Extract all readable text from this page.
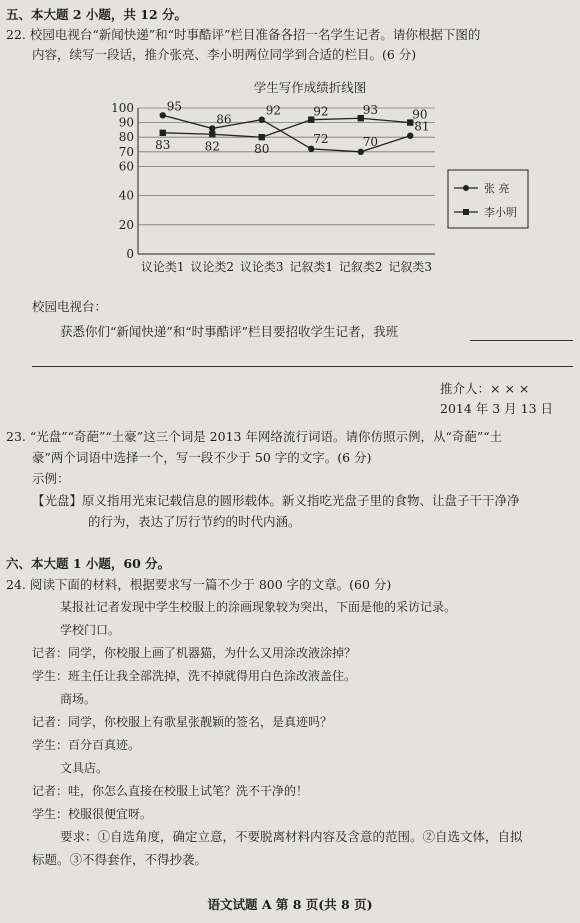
五、本大题 2 小题，共 12 分。
22. 校园电视台“新闻快递”和“时事酷评”栏目准备各招一名学生记者。请你根据下图的
内容，续写一段话，推介张亮、李小明两位同学到合适的栏目。(6 分)
学生写作成绩折线图
0
20
40
60
70
80
90
100
议论类1 议论类2 议论类3 记叙类1 记叙类2 记叙类3
95
86
92
72	70
81
83	82	80
92	93	90
张 亮
李小明
校园电视台：
获悉你们“新闻快递”和“时事酷评”栏目要招收学生记者，我班
推介人：× × ×
2014 年 3 月 13 日
23. “光盘”“奇葩”“土豪”这三个词是 2013 年网络流行词语。请你仿照示例，从“奇葩”“土
豪”两个词语中选择一个，写一段不少于 50 字的文字。(6 分)
示例：
【光盘】原义指用光束记载信息的圆形载体。新义指吃光盘子里的食物、让盘子干干净净
的行为，表达了厉行节约的时代内涵。
六、本大题 1 小题，60 分。
24. 阅读下面的材料，根据要求写一篇不少于 800 字的文章。(60 分)
某报社记者发现中学生校服上的涂画现象较为突出，下面是他的采访记录。
学校门口。
记者：同学，你校服上画了机器猫，为什么又用涂改液涂掉？
学生：班主任让我全部洗掉，洗不掉就得用白色涂改液盖住。
商场。
记者：同学，你校服上有歌星张靓颖的签名，是真迹吗？
学生：百分百真迹。
文具店。
记者：哇，你怎么直接在校服上试笔？洗不干净的！
学生：校服很便宜呀。
要求：①自选角度，确定立意，不要脱离材料内容及含意的范围。②自选文体，自拟
标题。③不得套作，不得抄袭。
语文试题 A 第 8 页(共 8 页)
